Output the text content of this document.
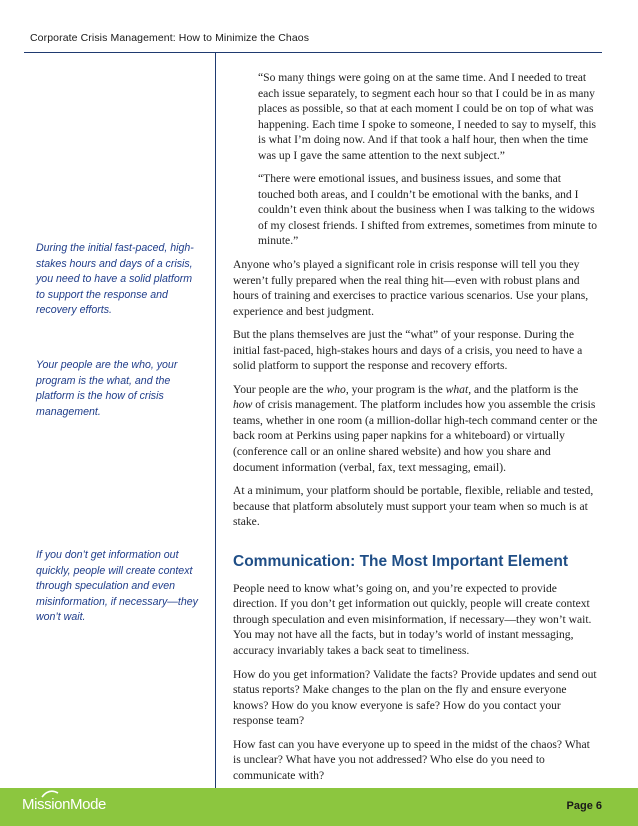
Corporate Crisis Management: How to Minimize the Chaos
During the initial fast-paced, high-stakes hours and days of a crisis, you need to have a solid platform to support the response and recovery efforts.
Your people are the who, your program is the what, and the platform is the how of crisis management.
If you don’t get information out quickly, people will create context through speculation and even misinformation, if necessary—they won’t wait.

“So many things were going on at the same time. And I needed to treat each issue separately, to segment each hour so that I could be in as many places as possible, so that at each moment I could be on top of what was happening. Each time I spoke to someone, I needed to say to myself, this is what I’m doing now. And if that took a half hour, then when the time was up I gave the same attention to the next subject.”

“There were emotional issues, and business issues, and some that touched both areas, and I couldn’t be emotional with the banks, and I couldn’t even think about the business when I was talking to the widows of my closest friends. I shifted from extremes, sometimes from minute to minute.”

Anyone who’s played a significant role in crisis response will tell you they weren’t fully prepared when the real thing hit—even with robust plans and hours of training and exercises to practice various scenarios. Use your plans, experience and best judgment.

But the plans themselves are just the “what” of your response. During the initial fast-paced, high-stakes hours and days of a crisis, you need to have a solid platform to support the response and recovery efforts.

Your people are the who, your program is the what, and the platform is the how of crisis management. The platform includes how you assemble the crisis teams, whether in one room (a million-dollar high-tech command center or the back room at Perkins using paper napkins for a whiteboard) or virtually (conference call or an online shared website) and how you share and document information (verbal, fax, text messaging, email).

At a minimum, your platform should be portable, flexible, reliable and tested, because that platform absolutely must support your team when so much is at stake.

Communication: The Most Important Element

People need to know what’s going on, and you’re expected to provide direction. If you don’t get information out quickly, people will create context through speculation and even misinformation, if necessary—they won’t wait. You may not have all the facts, but in today’s world of instant messaging, accuracy invariably takes a back seat to timeliness.

How do you get information? Validate the facts? Provide updates and send out status reports? Make changes to the plan on the fly and ensure everyone knows? How do you know everyone is safe? How do you contact your response team?

How fast can you have everyone up to speed in the midst of the chaos? What is unclear? What have you not addressed? Who else do you need to communicate with?

MissionMode	Page 6
